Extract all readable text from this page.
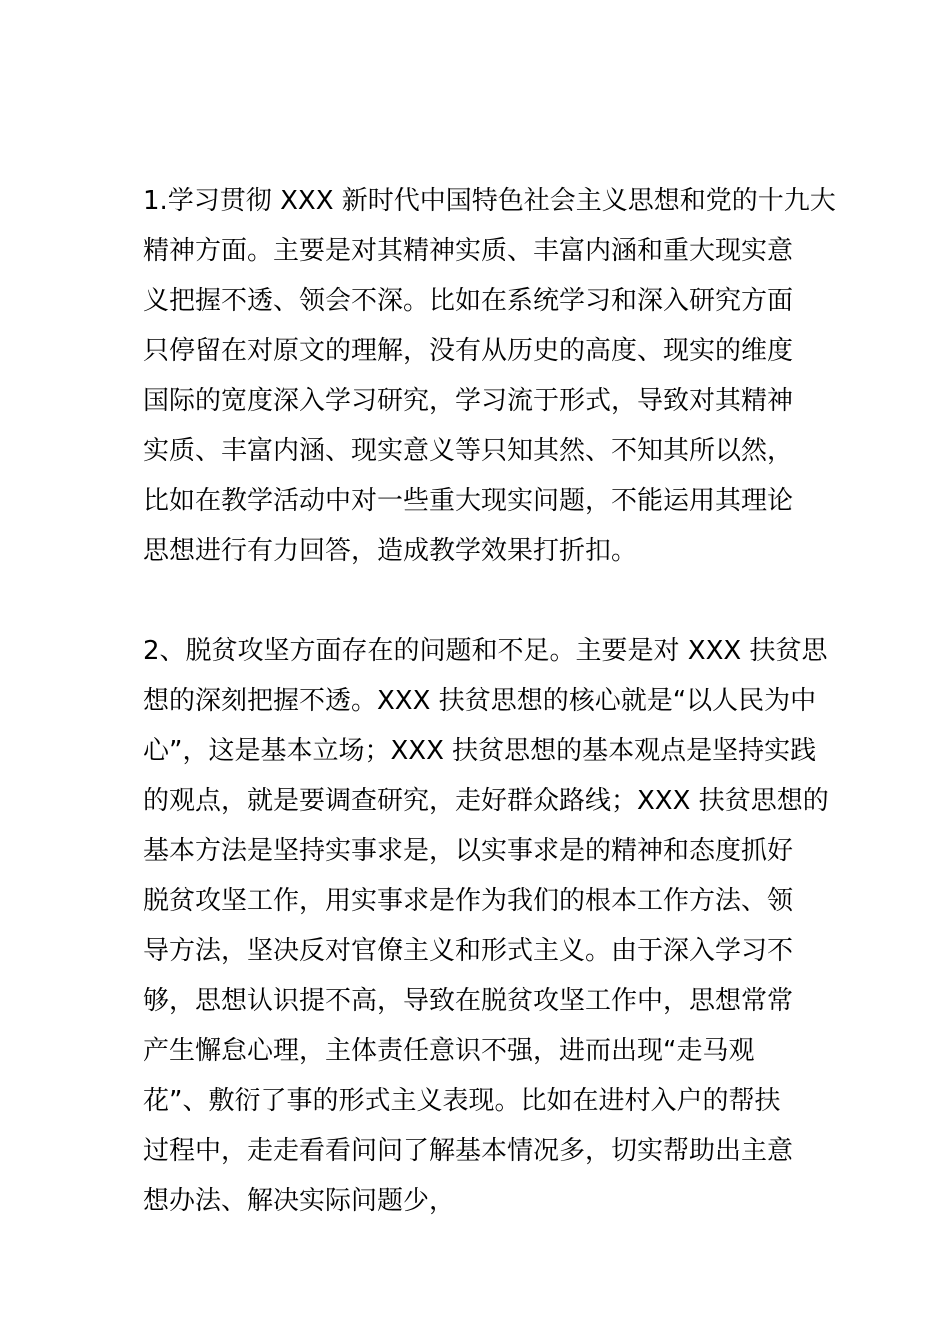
1.学习贯彻 XXX 新时代中国特色社会主义思想和党的十九大
精神方面。主要是对其精神实质、丰富内涵和重大现实意
义把握不透、领会不深。比如在系统学习和深入研究方面
只停留在对原文的理解，没有从历史的高度、现实的维度
国际的宽度深入学习研究，学习流于形式，导致对其精神
实质、丰富内涵、现实意义等只知其然、不知其所以然，
比如在教学活动中对一些重大现实问题，不能运用其理论
思想进行有力回答，造成教学效果打折扣。
2、脱贫攻坚方面存在的问题和不足。主要是对 XXX 扶贫思
想的深刻把握不透。XXX 扶贫思想的核心就是“以人民为中
心”，这是基本立场；XXX 扶贫思想的基本观点是坚持实践
的观点，就是要调查研究，走好群众路线；XXX 扶贫思想的
基本方法是坚持实事求是，以实事求是的精神和态度抓好
脱贫攻坚工作，用实事求是作为我们的根本工作方法、领
导方法，坚决反对官僚主义和形式主义。由于深入学习不
够，思想认识提不高，导致在脱贫攻坚工作中，思想常常
产生懈怠心理，主体责任意识不强，进而出现“走马观
花”、敷衍了事的形式主义表现。比如在进村入户的帮扶
过程中，走走看看问问了解基本情况多，切实帮助出主意
想办法、解决实际问题少，
